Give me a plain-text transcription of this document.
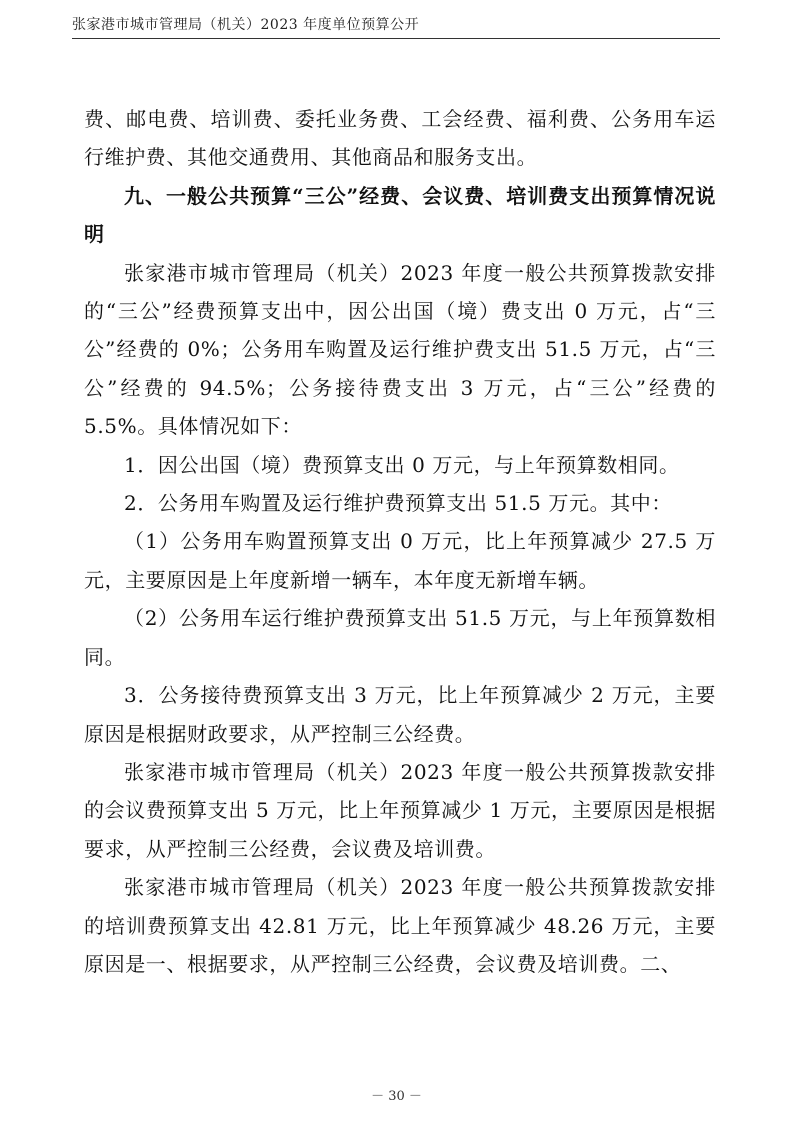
张家港市城市管理局（机关）2023 年度单位预算公开

费、邮电费、培训费、委托业务费、工会经费、福利费、公务用车运行维护费、其他交通费用、其他商品和服务支出。

九、一般公共预算“三公”经费、会议费、培训费支出预算情况说明

张家港市城市管理局（机关）2023 年度一般公共预算拨款安排的“三公”经费预算支出中，因公出国（境）费支出 0 万元，占“三公”经费的 0%；公务用车购置及运行维护费支出 51.5 万元，占“三公”经费的 94.5%；公务接待费支出 3 万元，占“三公”经费的 5.5%。具体情况如下：

1．因公出国（境）费预算支出 0 万元，与上年预算数相同。

2．公务用车购置及运行维护费预算支出 51.5 万元。其中：

（1）公务用车购置预算支出 0 万元，比上年预算减少 27.5 万元，主要原因是上年度新增一辆车，本年度无新增车辆。

（2）公务用车运行维护费预算支出 51.5 万元，与上年预算数相同。

3．公务接待费预算支出 3 万元，比上年预算减少 2 万元，主要原因是根据财政要求，从严控制三公经费。

张家港市城市管理局（机关）2023 年度一般公共预算拨款安排的会议费预算支出 5 万元，比上年预算减少 1 万元，主要原因是根据要求，从严控制三公经费，会议费及培训费。

张家港市城市管理局（机关）2023 年度一般公共预算拨款安排的培训费预算支出 42.81 万元，比上年预算减少 48.26 万元，主要原因是一、根据要求，从严控制三公经费，会议费及培训费。二、

－ 30 －
